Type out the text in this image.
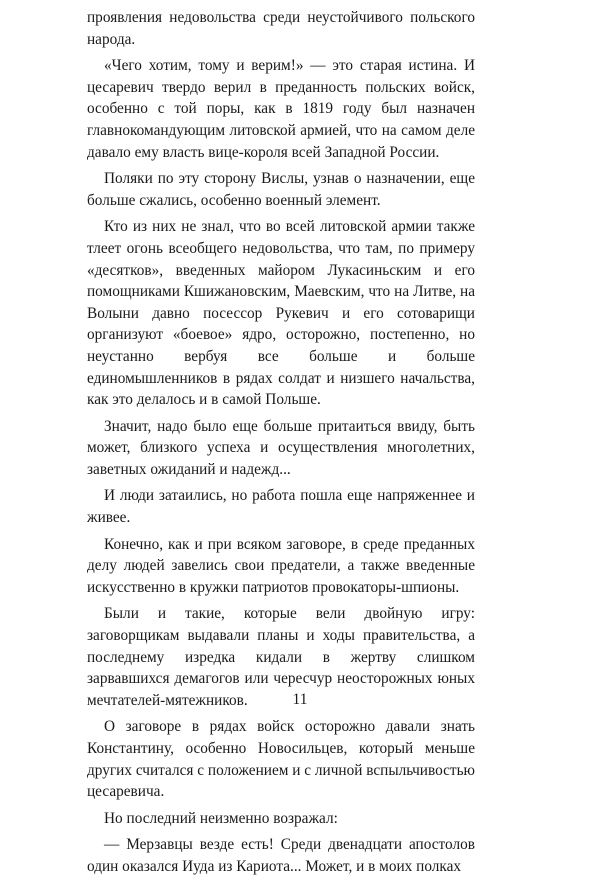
проявления недовольства среди неустойчивого польского народа.

«Чего хотим, тому и верим!» — это старая истина. И цесаревич твердо верил в преданность польских войск, особенно с той поры, как в 1819 году был назначен главнокомандующим литовской армией, что на самом деле давало ему власть вице-короля всей Западной России.

Поляки по эту сторону Вислы, узнав о назначении, еще больше сжались, особенно военный элемент.

Кто из них не знал, что во всей литовской армии также тлеет огонь всеобщего недовольства, что там, по примеру «десятков», введенных майором Лукасиньским и его помощниками Кшижановским, Маевским, что на Литве, на Волыни давно посессор Рукевич и его сотоварищи организуют «боевое» ядро, осторожно, постепенно, но неустанно вербуя все больше и больше единомышленников в рядах солдат и низшего начальства, как это делалось и в самой Польше.

Значит, надо было еще больше притаиться ввиду, быть может, близкого успеха и осуществления многолетних, заветных ожиданий и надежд...

И люди затаились, но работа пошла еще напряженнее и живее.

Конечно, как и при всяком заговоре, в среде преданных делу людей завелись свои предатели, а также введенные искусственно в кружки патриотов провокаторы-шпионы.

Были и такие, которые вели двойную игру: заговорщикам выдавали планы и ходы правительства, а последнему изредка кидали в жертву слишком зарвавшихся демагогов или чересчур неосторожных юных мечтателей-мятежников.

О заговоре в рядах войск осторожно давали знать Константину, особенно Новосильцев, который меньше других считался с положением и с личной вспыльчивостью цесаревича.

Но последний неизменно возражал:

— Мерзавцы везде есть! Среди двенадцати апостолов один оказался Иуда из Кариота... Может, и в моих полках

11
